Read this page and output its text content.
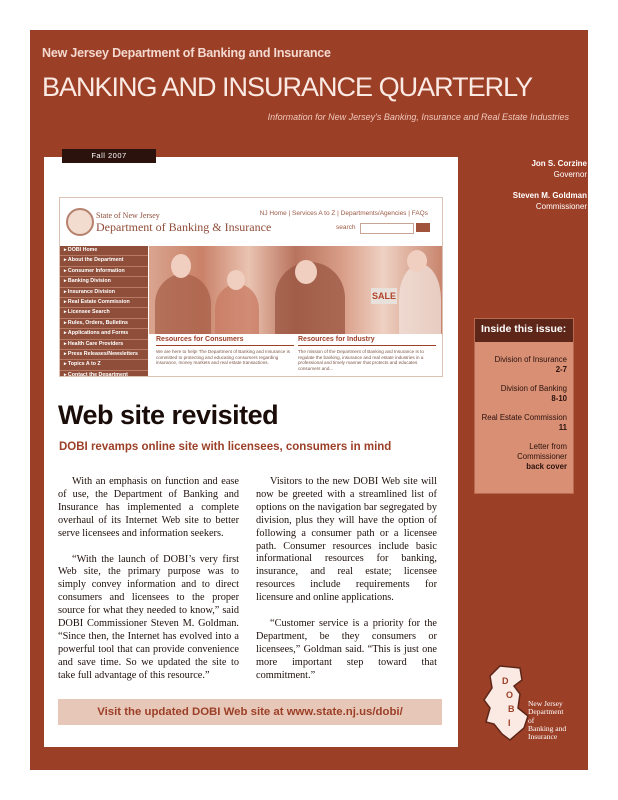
New Jersey Department of Banking and Insurance
BANKING AND INSURANCE QUARTERLY
Information for New Jersey's Banking, Insurance and Real Estate Industries
Fall 2007
Jon S. Corzine
Governor
Steven M. Goldman
Commissioner
Inside this issue:
Division of Insurance
2-7
Division of Banking
8-10
Real Estate Commission
11
Letter from Commissioner
back cover
State of New Jersey
Department of Banking & Insurance
NJ Home | Services A to Z | Departments/Agencies | FAQs
search
▸ DOBI Home
▸ About the Department
▸ Consumer Information
▸ Banking Division
▸ Insurance Division
▸ Real Estate Commission
▸ Licensee Search
▸ Rules, Orders, Bulletins
▸ Applications and Forms
▸ Health Care Providers
▸ Press Releases/Newsletters
▸ Topics A to Z
▸ Contact the Department
SALE
Resources for Consumers
We are here to help! The Department of Banking and Insurance is committed to protecting and educating consumers regarding insurance, money markets and real estate transactions.
Resources for Industry
The mission of the Department of Banking and Insurance is to regulate the banking, insurance and real estate industries in a professional and timely manner that protects and educates consumers and...
Web site revisited
DOBI revamps online site with licensees, consumers in mind

With an emphasis on function and ease of use, the Department of Banking and Insurance has implemented a complete overhaul of its Internet Web site to better serve licensees and information seekers.

“With the launch of DOBI’s very first Web site, the primary purpose was to simply convey information and to direct consumers and licensees to the proper source for what they needed to know,” said DOBI Commissioner Steven M. Goldman. “Since then, the Internet has evolved into a powerful tool that can provide convenience and save time. So we updated the site to take full advantage of this resource.”

Visitors to the new DOBI Web site will now be greeted with a streamlined list of options on the navigation bar segregated by division, plus they will have the option of following a consumer path or a licensee path. Consumer resources include basic informational resources for banking, insurance, and real estate; licensee resources include requirements for licensure and online applications.

“Customer service is a priority for the Department, be they consumers or licensees,” Goldman said. “This is just one more important step toward that commitment.”

Visit the updated DOBI Web site at www.state.nj.us/dobi/
D
O
B
I
New Jersey
Department
of
Banking and
Insurance
